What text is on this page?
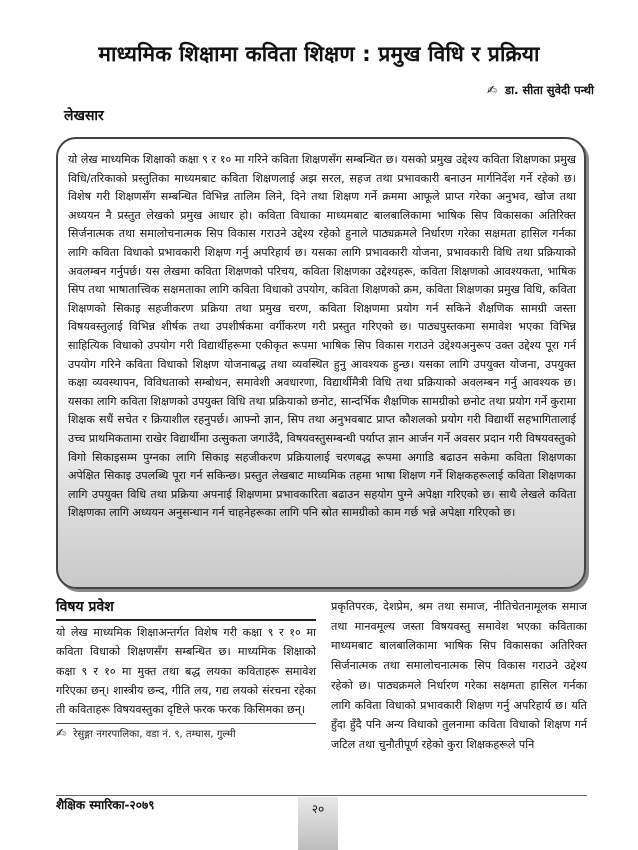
माध्यमिक शिक्षामा कविता शिक्षण : प्रमुख विधि र प्रक्रिया
✍ डा. सीता सुवेदी पन्थी
लेखसार
यो लेख माध्यमिक शिक्षाको कक्षा ९ र १० मा गरिने कविता शिक्षणसँग सम्बन्धित छ। यसको प्रमुख उद्देश्य कविता शिक्षणका प्रमुख विधि/तरिकाको प्रस्तुतिका माध्यमबाट कविता शिक्षणलाई अझ सरल, सहज तथा प्रभावकारी बनाउन मार्गनिर्देश गर्ने रहेको छ। विशेष गरी शिक्षणसँग सम्बन्धित विभिन्न तालिम लिने, दिने तथा शिक्षण गर्ने क्रममा आफूले प्राप्त गरेका अनुभव, खोज तथा अध्ययन नै प्रस्तुत लेखको प्रमुख आधार हो। कविता विधाका माध्यमबाट बालबालिकामा भाषिक सिप विकासका अतिरिक्त सिर्जनात्मक तथा समालोचनात्मक सिप विकास गराउने उद्देश्य रहेको हुनाले पाठ्यक्रमले निर्धारण गरेका सक्षमता हासिल गर्नका लागि कविता विधाको प्रभावकारी शिक्षण गर्नु अपरिहार्य छ। यसका लागि प्रभावकारी योजना, प्रभावकारी विधि तथा प्रक्रियाको अवलम्बन गर्नुपर्छ। यस लेखमा कविता शिक्षणको परिचय, कविता शिक्षणका उद्देश्यहरू, कविता शिक्षणको आवश्यकता, भाषिक सिप तथा भाषातात्त्विक सक्षमताका लागि कविता विधाको उपयोग, कविता शिक्षणको क्रम, कविता शिक्षणका प्रमुख विधि, कविता शिक्षणको सिकाइ सहजीकरण प्रक्रिया तथा प्रमुख चरण, कविता शिक्षणमा प्रयोग गर्न सकिने शैक्षणिक सामग्री जस्ता विषयवस्तुलाई विभिन्न शीर्षक तथा उपशीर्षकमा वर्गीकरण गरी प्रस्तुत गरिएको छ। पाठ्यपुस्तकमा समावेश भएका विभिन्न साहित्यिक विधाको उपयोग गरी विद्यार्थीहरूमा एकीकृत रूपमा भाषिक सिप विकास गराउने उद्देश्यअनुरूप उक्त उद्देश्य पूरा गर्न उपयोग गरिने कविता विधाको शिक्षण योजनाबद्ध तथा व्यवस्थित हुनु आवश्यक हुन्छ। यसका लागि उपयुक्त योजना, उपयुक्त कक्षा व्यवस्थापन, विविधताको सम्बोधन, समावेशी अवधारणा, विद्यार्थीमैत्री विधि तथा प्रक्रियाको अवलम्बन गर्नु आवश्यक छ। यसका लागि कविता शिक्षणको उपयुक्त विधि तथा प्रक्रियाको छनोट, सान्दर्भिक शैक्षणिक सामग्रीको छनोट तथा प्रयोग गर्ने कुरामा शिक्षक सधैं सचेत र क्रियाशील रहनुपर्छ। आफ्नो ज्ञान, सिप तथा अनुभवबाट प्राप्त कौशलको प्रयोग गरी विद्यार्थी सहभागितालाई उच्च प्राथमिकतामा राखेर विद्यार्थीमा उत्सुकता जगाउँदै, विषयवस्तुसम्बन्धी पर्याप्त ज्ञान आर्जन गर्ने अवसर प्रदान गरी विषयवस्तुको विगो सिकाइसम्म पुग्नका लागि सिकाइ सहजीकरण प्रक्रियालाई चरणबद्ध रूपमा अगाडि बढाउन सकेमा कविता शिक्षणका अपेक्षित सिकाइ उपलब्धि पूरा गर्न सकिन्छ। प्रस्तुत लेखबाट माध्यमिक तहमा भाषा शिक्षण गर्ने शिक्षकहरूलाई कविता शिक्षणका लागि उपयुक्त विधि तथा प्रक्रिया अपनाई शिक्षणमा प्रभावकारिता बढाउन सहयोग पुग्ने अपेक्षा गरिएको छ। साथै लेखले कविता शिक्षणका लागि अध्ययन अनुसन्धान गर्न चाहनेहरूका लागि पनि स्रोत सामग्रीको काम गर्छ भन्ने अपेक्षा गरिएको छ।
विषय प्रवेश
यो लेख माध्यमिक शिक्षाअन्तर्गत विशेष गरी कक्षा ९ र १० मा कविता विधाको शिक्षणसँग सम्बन्धित छ। माध्यमिक शिक्षाको कक्षा ९ र १० मा मुक्त तथा बद्ध लयका कविताहरू समावेश गरिएका छन्। शास्त्रीय छन्द, गीति लय, गद्य लयको संरचना रहेका ती कविताहरू विषयवस्तुका दृष्टिले फरक फरक किसिमका छन्।
✍ रेसुङ्गा नगरपालिका, वडा नं. ९, तम्घास, गुल्मी
प्रकृतिपरक, देशप्रेम, श्रम तथा समाज, नीतिचेतनामूलक समाज तथा मानवमूल्य जस्ता विषयवस्तु समावेश भएका कविताका माध्यमबाट बालबालिकामा भाषिक सिप विकासका अतिरिक्त सिर्जनात्मक तथा समालोचनात्मक सिप विकास गराउने उद्देश्य रहेको छ। पाठ्यक्रमले निर्धारण गरेका सक्षमता हासिल गर्नका लागि कविता विधाको प्रभावकारी शिक्षण गर्नु अपरिहार्य छ। यति हुँदा हुँदै पनि अन्य विधाको तुलनामा कविता विधाको शिक्षण गर्न जटिल तथा चुनौतीपूर्ण रहेको कुरा शिक्षकहरूले पनि
शैक्षिक स्मारिका-२०७९	२०
